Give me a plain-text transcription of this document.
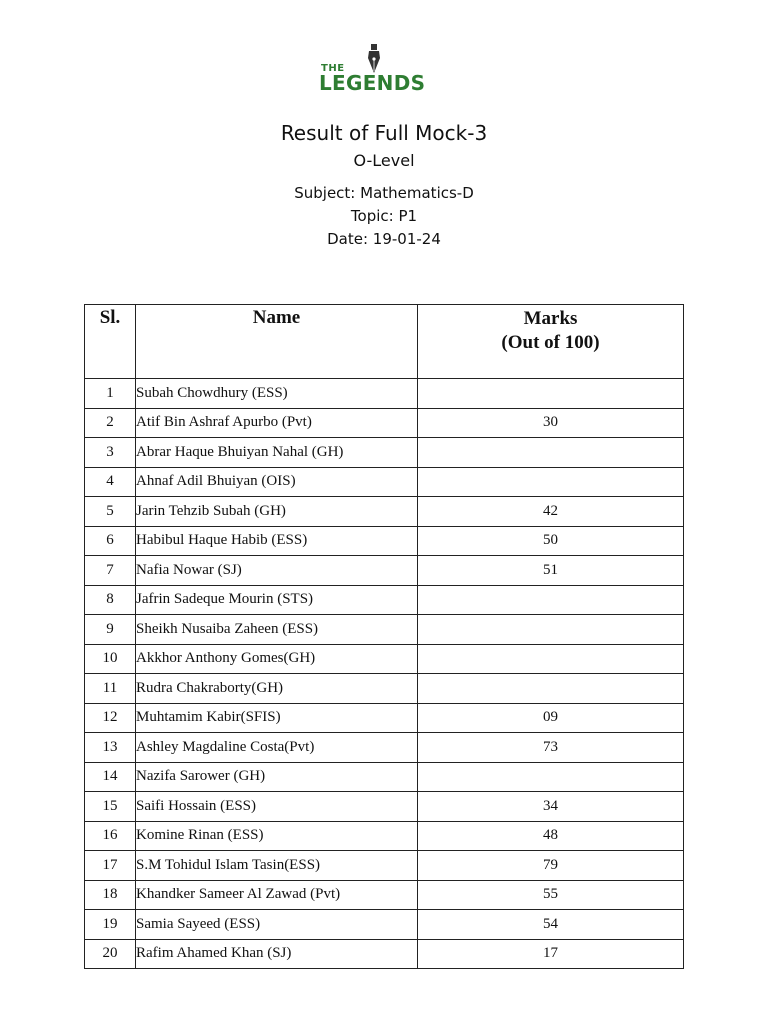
THE
LEGENDS
Result of Full Mock-3
O-Level
Subject: Mathematics-D
Topic: P1
Date: 19-01-24
Sl.	Name	Marks
(Out of 100)

1	Subah Chowdhury (ESS)	
2	Atif Bin Ashraf Apurbo (Pvt)	30
3	Abrar Haque Bhuiyan Nahal (GH)	
4	Ahnaf Adil Bhuiyan (OIS)	
5	Jarin Tehzib Subah (GH)	42
6	Habibul Haque Habib (ESS)	50
7	Nafia Nowar (SJ)	51
8	Jafrin Sadeque Mourin (STS)	
9	Sheikh Nusaiba Zaheen (ESS)	
10	Akkhor Anthony Gomes(GH)	
11	Rudra Chakraborty(GH)	
12	Muhtamim Kabir(SFIS)	09
13	Ashley Magdaline Costa(Pvt)	73
14	Nazifa Sarower (GH)	
15	Saifi Hossain (ESS)	34
16	Komine Rinan (ESS)	48
17	S.M Tohidul Islam Tasin(ESS)	79
18	Khandker Sameer Al Zawad (Pvt)	55
19	Samia Sayeed (ESS)	54
20	Rafim Ahamed Khan (SJ)	17
